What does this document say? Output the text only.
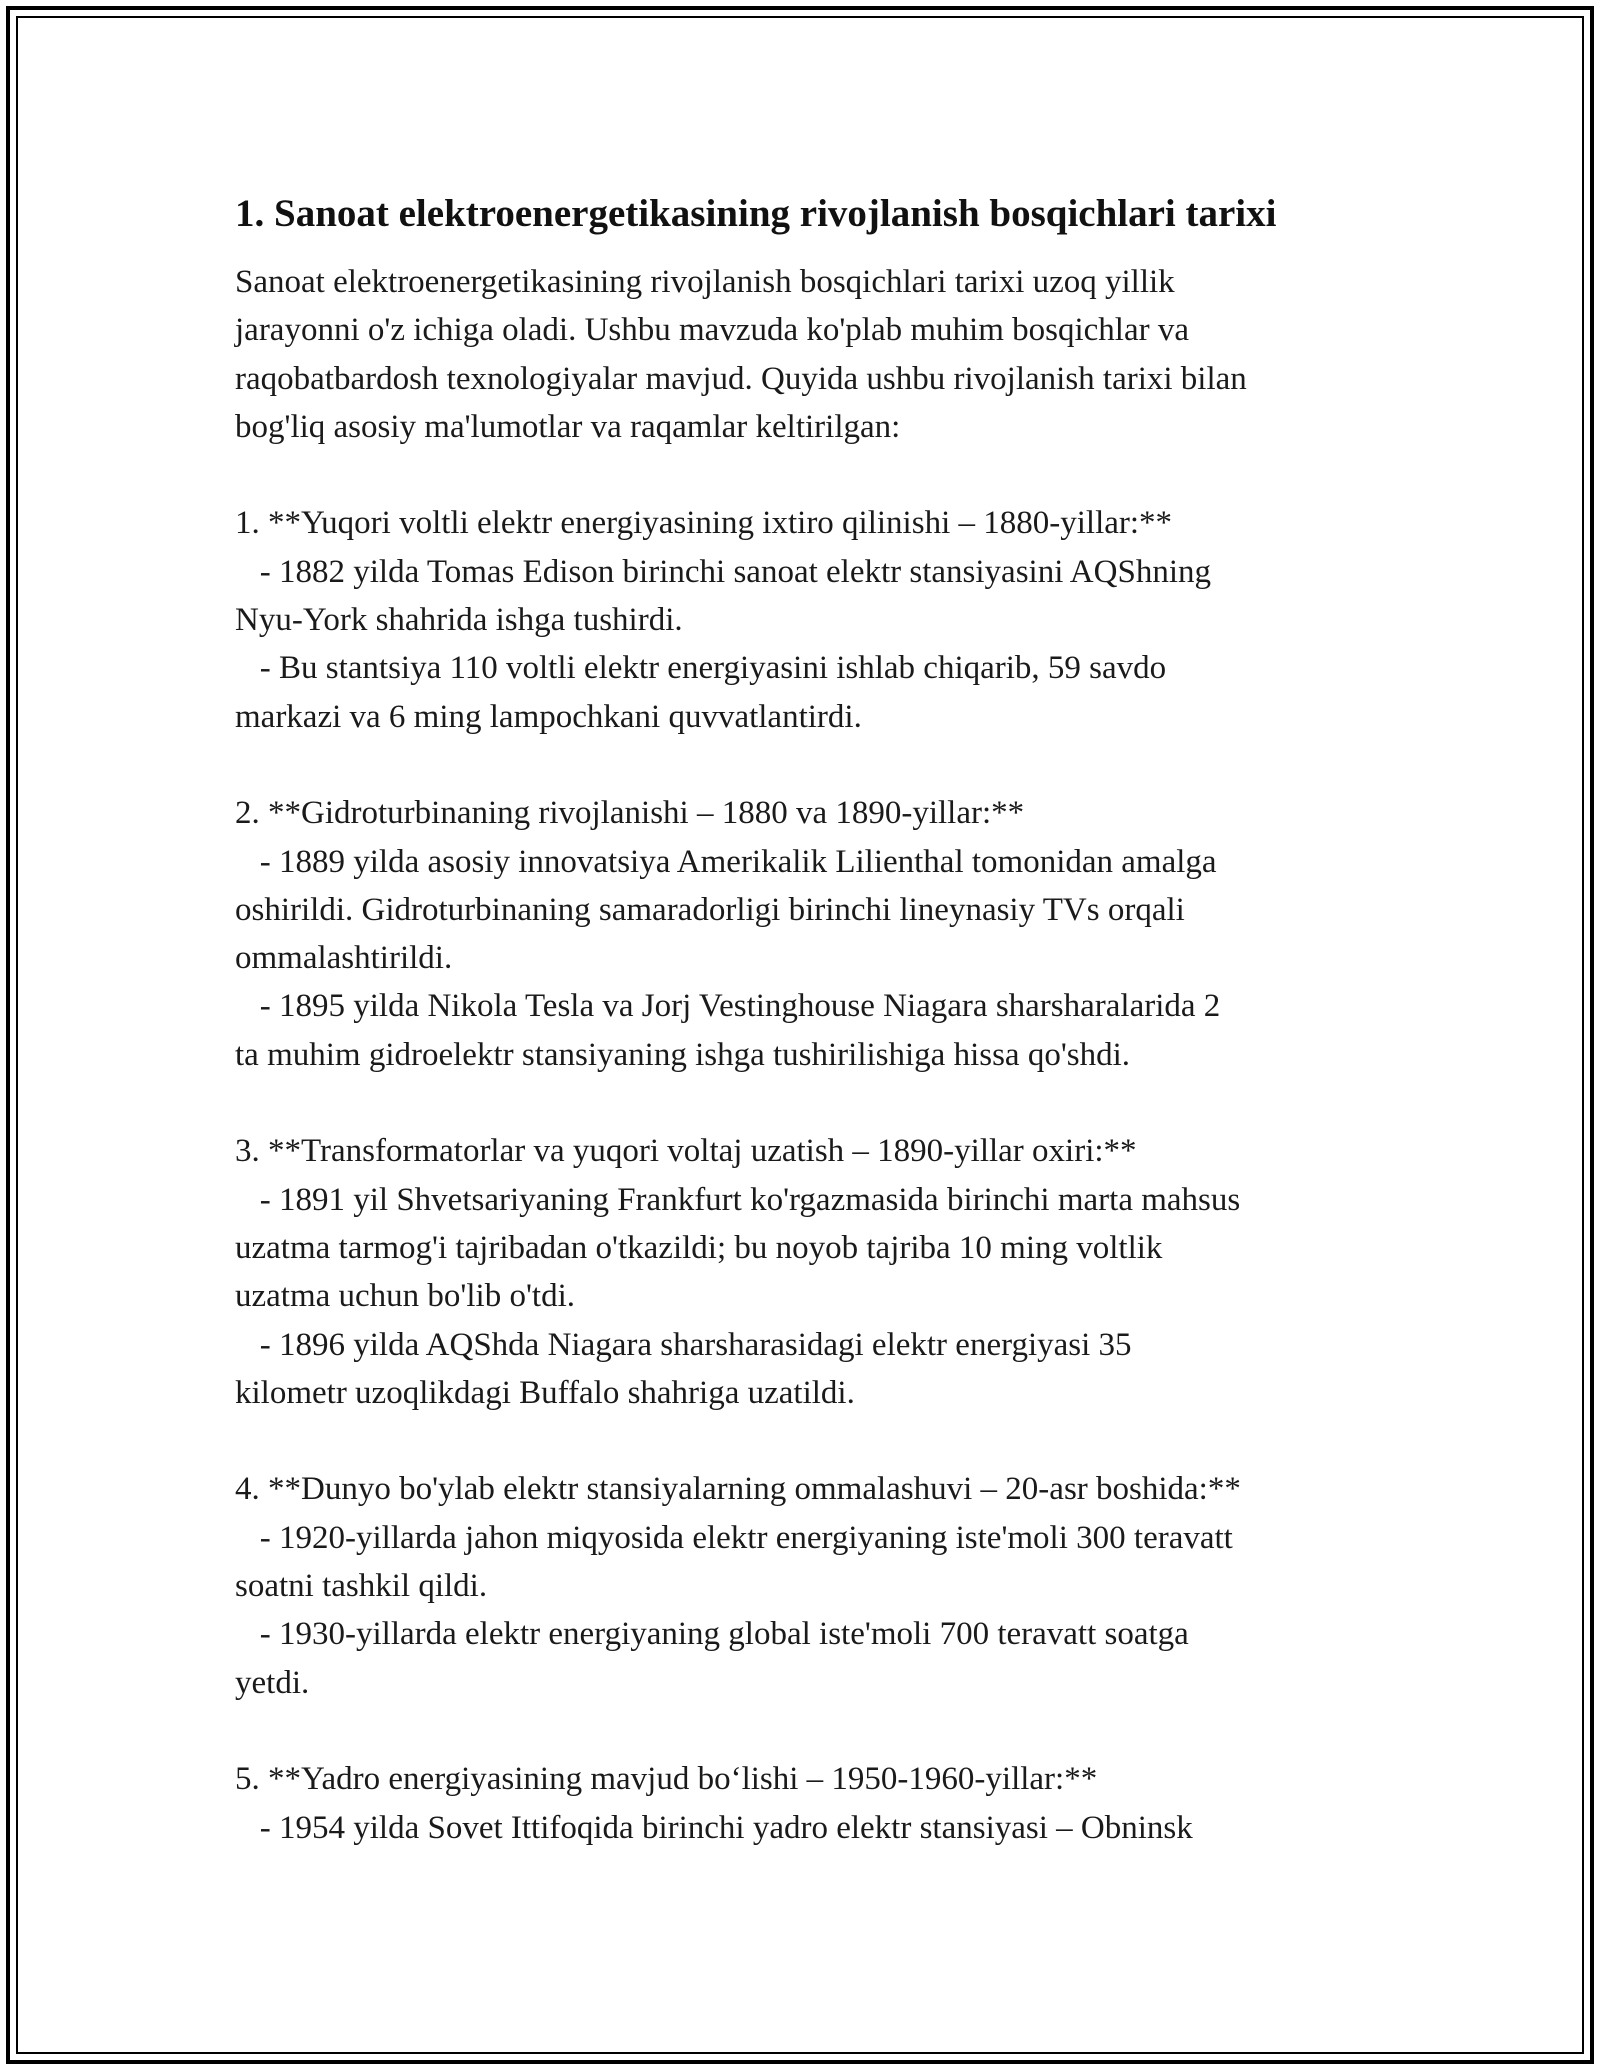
1. Sanoat elektroenergetikasining rivojlanish bosqichlari tarixi
Sanoat elektroenergetikasining rivojlanish bosqichlari tarixi uzoq yillik
jarayonni o'z ichiga oladi. Ushbu mavzuda ko'plab muhim bosqichlar va
raqobatbardosh texnologiyalar mavjud. Quyida ushbu rivojlanish tarixi bilan
bog'liq asosiy ma'lumotlar va raqamlar keltirilgan:
1. **Yuqori voltli elektr energiyasining ixtiro qilinishi – 1880-yillar:**
- 1882 yilda Tomas Edison birinchi sanoat elektr stansiyasini AQShning
Nyu-York shahrida ishga tushirdi.
- Bu stantsiya 110 voltli elektr energiyasini ishlab chiqarib, 59 savdo
markazi va 6 ming lampochkani quvvatlantirdi.
2. **Gidroturbinaning rivojlanishi – 1880 va 1890-yillar:**
- 1889 yilda asosiy innovatsiya Amerikalik Lilienthal tomonidan amalga
oshirildi. Gidroturbinaning samaradorligi birinchi lineynasiy TVs orqali
ommalashtirildi.
- 1895 yilda Nikola Tesla va Jorj Vestinghouse Niagara sharsharalarida 2
ta muhim gidroelektr stansiyaning ishga tushirilishiga hissa qo'shdi.
3. **Transformatorlar va yuqori voltaj uzatish – 1890-yillar oxiri:**
- 1891 yil Shvetsariyaning Frankfurt ko'rgazmasida birinchi marta mahsus
uzatma tarmog'i tajribadan o'tkazildi; bu noyob tajriba 10 ming voltlik
uzatma uchun bo'lib o'tdi.
- 1896 yilda AQShda Niagara sharsharasidagi elektr energiyasi 35
kilometr uzoqlikdagi Buffalo shahriga uzatildi.
4. **Dunyo bo'ylab elektr stansiyalarning ommalashuvi – 20-asr boshida:**
- 1920-yillarda jahon miqyosida elektr energiyaning iste'moli 300 teravatt
soatni tashkil qildi.
- 1930-yillarda elektr energiyaning global iste'moli 700 teravatt soatga
yetdi.
5. **Yadro energiyasining mavjud bo‘lishi – 1950-1960-yillar:**
- 1954 yilda Sovet Ittifoqida birinchi yadro elektr stansiyasi – Obninsk
